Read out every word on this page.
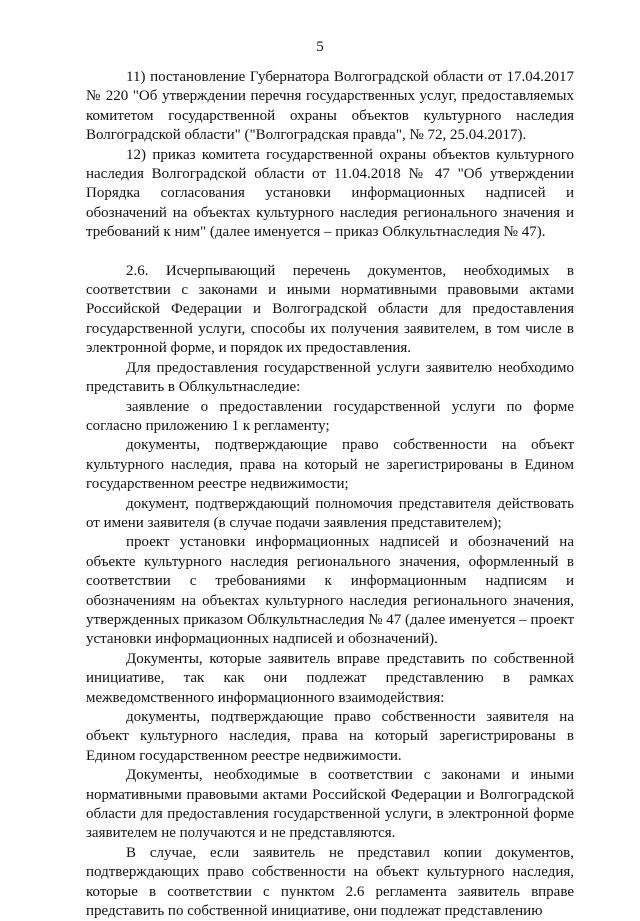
5

11) постановление Губернатора Волгоградской области от 17.04.2017 № 220 "Об утверждении перечня государственных услуг, предоставляемых комитетом государственной охраны объектов культурного наследия Волгоградской области" ("Волгоградская правда", № 72, 25.04.2017).

12) приказ комитета государственной охраны объектов культурного наследия Волгоградской области от 11.04.2018 № 47 "Об утверждении Порядка согласования установки информационных надписей и обозначений на объектах культурного наследия регионального значения и требований к ним" (далее именуется – приказ Облкультнаследия № 47).

2.6. Исчерпывающий перечень документов, необходимых в соответствии с законами и иными нормативными правовыми актами Российской Федерации и Волгоградской области для предоставления государственной услуги, способы их получения заявителем, в том числе в электронной форме, и порядок их предоставления.

Для предоставления государственной услуги заявителю необходимо представить в Облкультнаследие:

заявление о предоставлении государственной услуги по форме согласно приложению 1 к регламенту;

документы, подтверждающие право собственности на объект культурного наследия, права на который не зарегистрированы в Едином государственном реестре недвижимости;

документ, подтверждающий полномочия представителя действовать от имени заявителя (в случае подачи заявления представителем);

проект установки информационных надписей и обозначений на объекте культурного наследия регионального значения, оформленный в соответствии с требованиями к информационным надписям и обозначениям на объектах культурного наследия регионального значения, утвержденных приказом Облкультнаследия № 47 (далее именуется – проект установки информационных надписей и обозначений).

Документы, которые заявитель вправе представить по собственной инициативе, так как они подлежат представлению в рамках межведомственного информационного взаимодействия:

документы, подтверждающие право собственности заявителя на объект культурного наследия, права на который зарегистрированы в Едином государственном реестре недвижимости.

Документы, необходимые в соответствии с законами и иными нормативными правовыми актами Российской Федерации и Волгоградской области для предоставления государственной услуги, в электронной форме заявителем не получаются и не представляются.

В случае, если заявитель не представил копии документов, подтверждающих право собственности на объект культурного наследия, которые в соответствии с пунктом 2.6 регламента заявитель вправе представить по собственной инициативе, они подлежат представлению
